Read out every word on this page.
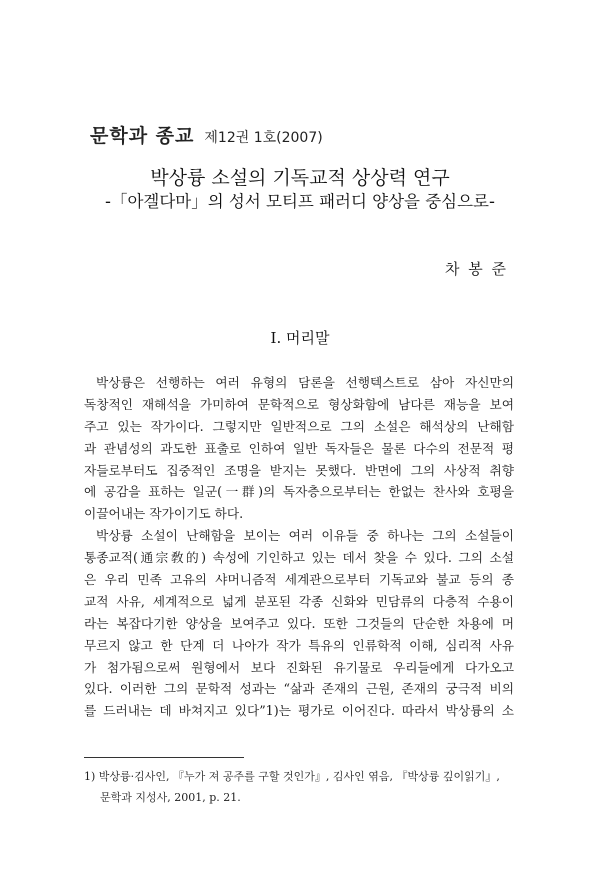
문학과 종교 제12권 1호(2007)
박상륭 소설의 기독교적 상상력 연구
-「아겔다마」의 성서 모티프 패러디 양상을 중심으로-
차 봉 준
I. 머리말
박상륭은 선행하는 여러 유형의 담론을 선행텍스트로 삼아 자신만의
독창적인 재해석을 가미하여 문학적으로 형상화함에 남다른 재능을 보여
주고 있는 작가이다. 그렇지만 일반적으로 그의 소설은 해석상의 난해함
과 관념성의 과도한 표출로 인하여 일반 독자들은 물론 다수의 전문적 평
자들로부터도 집중적인 조명을 받지는 못했다. 반면에 그의 사상적 취향
에 공감을 표하는 일군(一群)의 독자층으로부터는 한없는 찬사와 호평을
이끌어내는 작가이기도 하다.
박상륭 소설이 난해함을 보이는 여러 이유들 중 하나는 그의 소설들이
통종교적(通宗敎的) 속성에 기인하고 있는 데서 찾을 수 있다. 그의 소설
은 우리 민족 고유의 샤머니즘적 세계관으로부터 기독교와 불교 등의 종
교적 사유, 세계적으로 넓게 분포된 각종 신화와 민담류의 다층적 수용이
라는 복잡다기한 양상을 보여주고 있다. 또한 그것들의 단순한 차용에 머
무르지 않고 한 단계 더 나아가 작가 특유의 인류학적 이해, 심리적 사유
가 첨가됨으로써 원형에서 보다 진화된 유기물로 우리들에게 다가오고
있다. 이러한 그의 문학적 성과는 “삶과 존재의 근원, 존재의 궁극적 비의
를 드러내는 데 바쳐지고 있다”1)는 평가로 이어진다. 따라서 박상륭의 소
1) 박상륭·김사인, 『누가 져 공주를 구할 것인가』, 김사인 엮음, 『박상륭 깊이읽기』,
문학과 지성사, 2001, p. 21.
